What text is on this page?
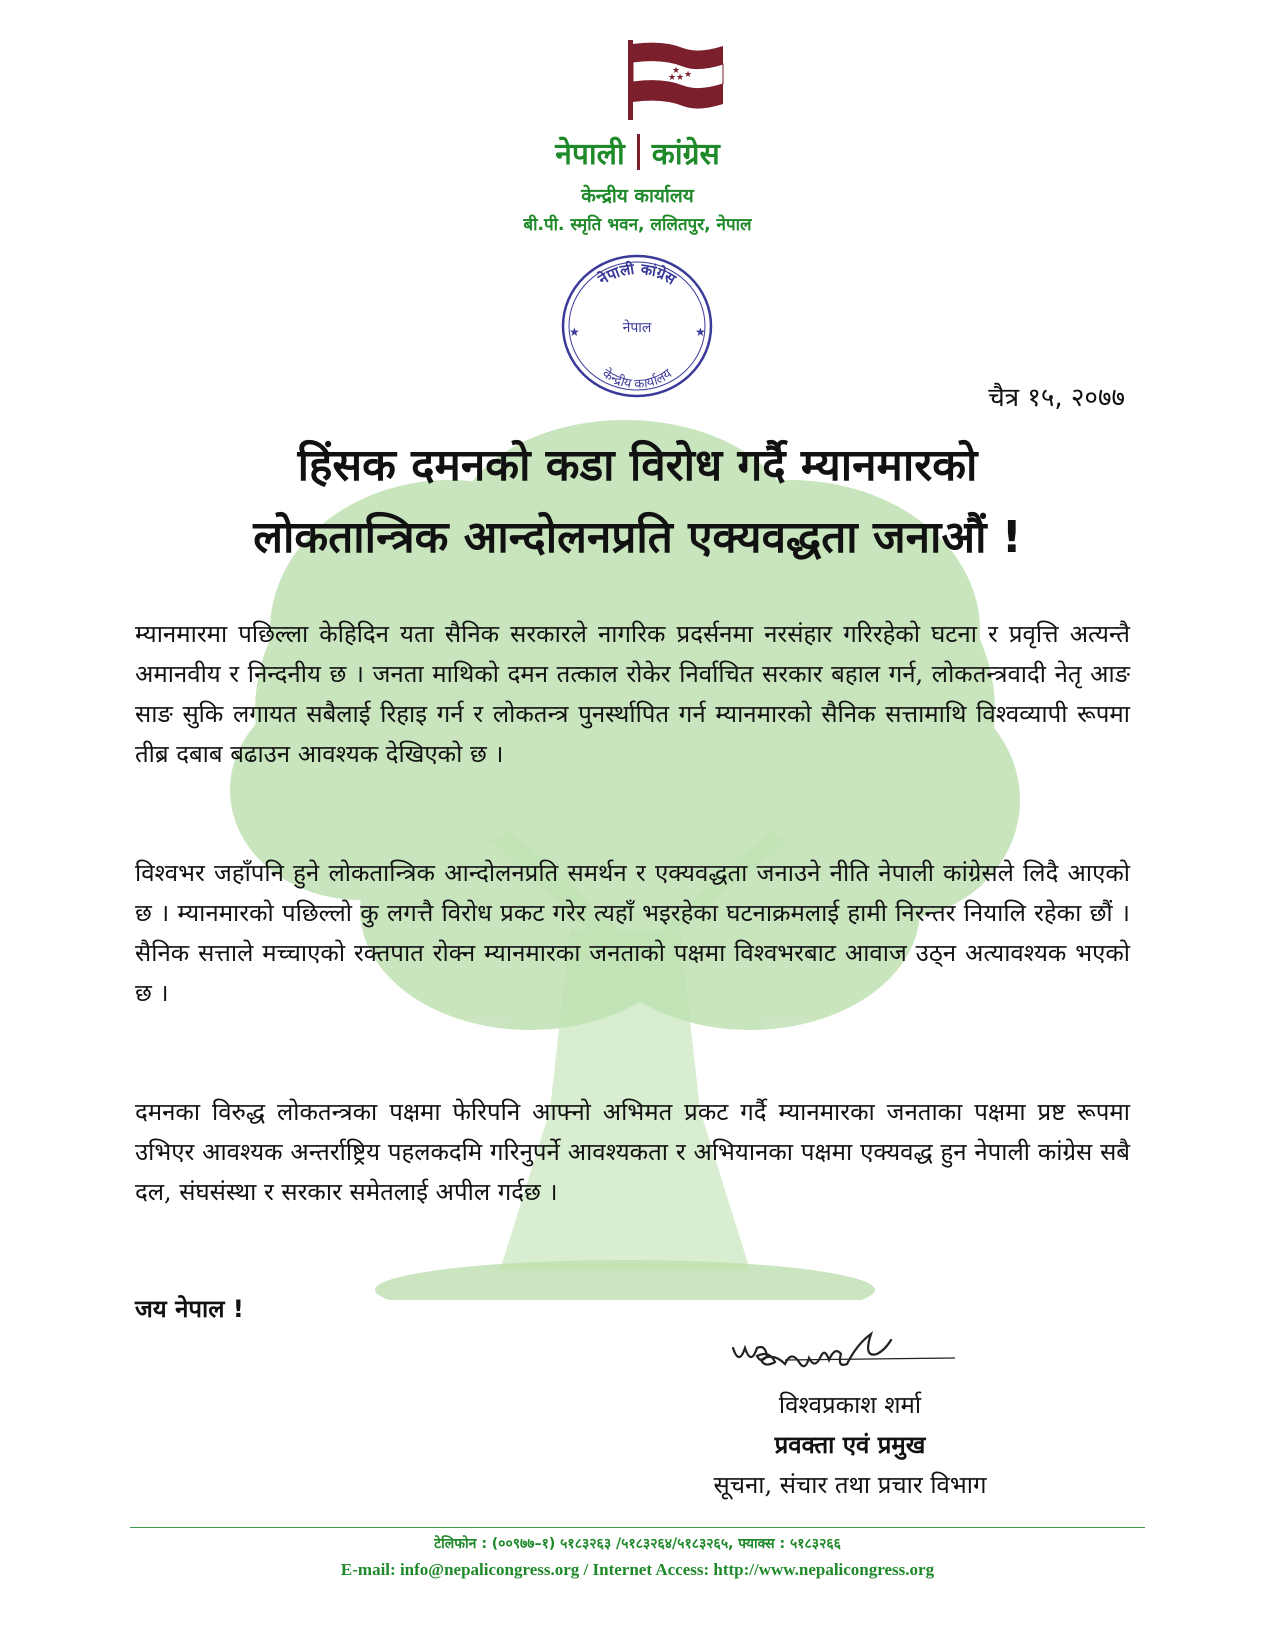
★ ★
★ ★
नेपाली कांग्रेस
केन्द्रीय कार्यालय
बी.पी. स्मृति भवन, ललितपुर, नेपाल
नेपाली कांग्रेस
केन्द्रीय कार्यालय
नेपाल
★	★
चैत्र १५, २०७७
हिंसक दमनको कडा विरोध गर्दै म्यानमारको
लोकतान्त्रिक आन्दोलनप्रति एक्यवद्धता जनाऔं !
म्यानमारमा पछिल्ला केहिदिन यता सैनिक सरकारले नागरिक प्रदर्सनमा नरसंहार गरिरहेको घटना र प्रवृत्ति अत्यन्तै अमानवीय र निन्दनीय छ । जनता माथिको दमन तत्काल रोकेर निर्वाचित सरकार बहाल गर्न, लोकतन्त्रवादी नेतृ आङ साङ सुकि लगायत सबैलाई रिहाइ गर्न र लोकतन्त्र पुनर्स्थापित गर्न म्यानमारको सैनिक सत्तामाथि विश्वव्यापी रूपमा तीब्र दबाब बढाउन आवश्यक देखिएको छ ।
विश्वभर जहाँपनि हुने लोकतान्त्रिक आन्दोलनप्रति समर्थन र एक्यवद्धता जनाउने नीति नेपाली कांग्रेसले लिदै आएको छ । म्यानमारको पछिल्लो कु लगत्तै विरोध प्रकट गरेर त्यहाँ भइरहेका घटनाक्रमलाई हामी निरन्तर नियालि रहेका छौं । सैनिक सत्ताले मच्चाएको रक्तपात रोक्न म्यानमारका जनताको पक्षमा विश्वभरबाट आवाज उठ्न अत्यावश्यक भएको छ ।
दमनका विरुद्ध लोकतन्त्रका पक्षमा फेरिपनि आफ्नो अभिमत प्रकट गर्दै म्यानमारका जनताका पक्षमा प्रष्ट रूपमा उभिएर आवश्यक अन्तर्राष्ट्रिय पहलकदमि गरिनुपर्ने आवश्यकता र अभियानका पक्षमा एक्यवद्ध हुन नेपाली कांग्रेस सबै दल, संघसंस्था र सरकार समेतलाई अपील गर्दछ ।
जय नेपाल !
विश्वप्रकाश शर्मा
प्रवक्ता एवं प्रमुख
सूचना, संचार तथा प्रचार विभाग
टेलिफोन : (००९७७–१) ५१८३२६३ /५१८३२६४/५१८३२६५, फ्याक्स : ५१८३२६६
E-mail: info@nepalicongress.org / Internet Access: http://www.nepalicongress.org
